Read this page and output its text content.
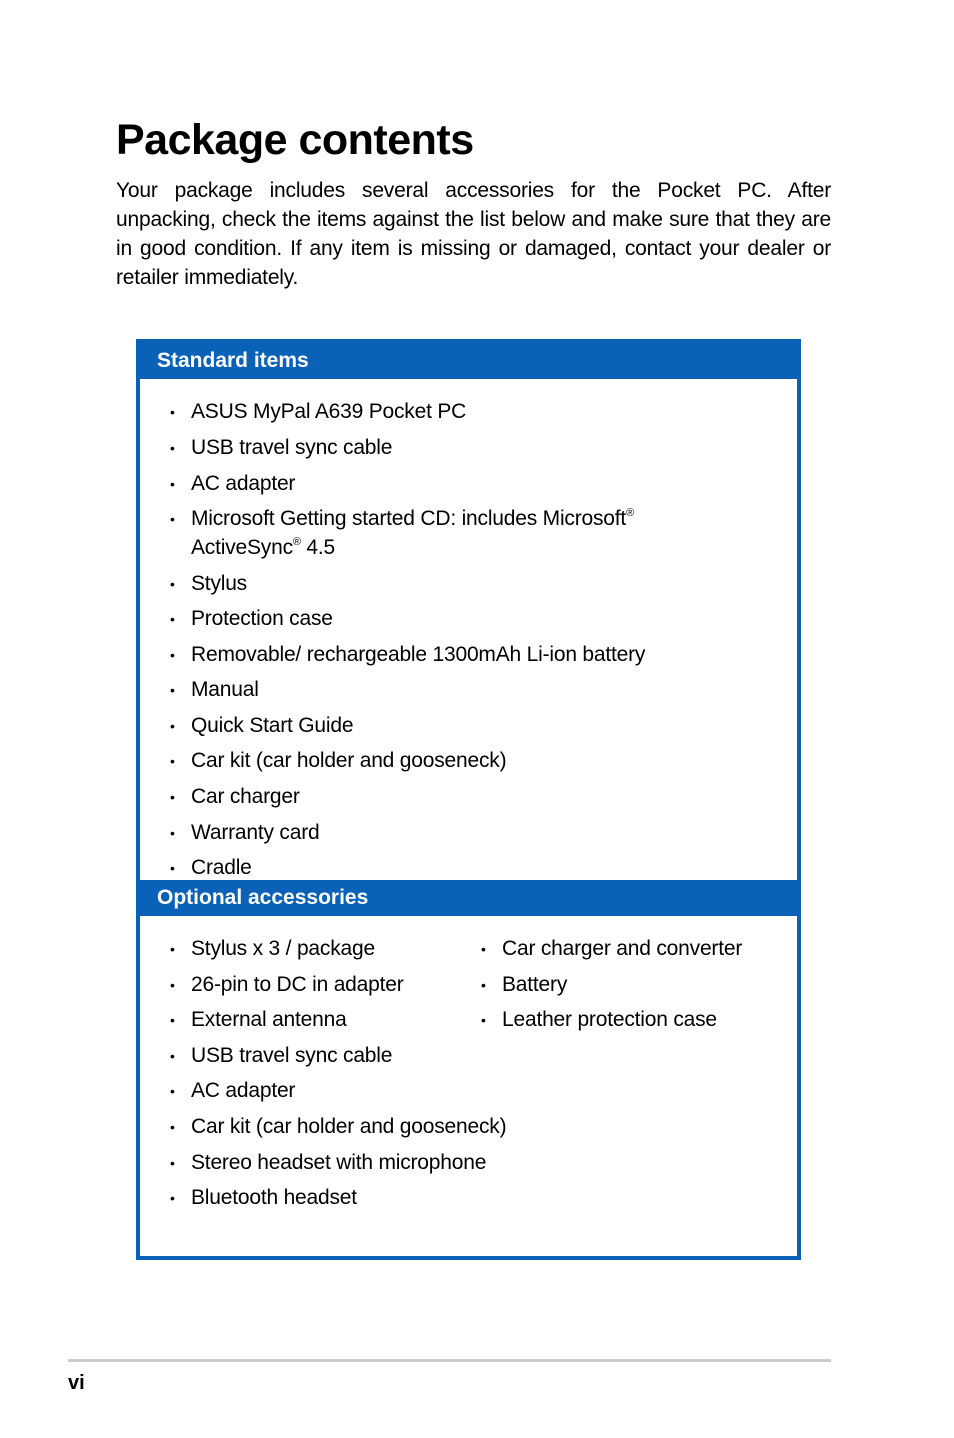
Package contents

Your package includes several accessories for the Pocket PC. After unpacking, check the items against the list below and make sure that they are in good condition. If any item is missing or damaged, contact your dealer or retailer immediately.

Standard items
• ASUS MyPal A639 Pocket PC
• USB travel sync cable
• AC adapter
• Microsoft Getting started CD: includes Microsoft®
ActiveSync® 4.5
• Stylus
• Protection case
• Removable/ rechargeable 1300mAh Li-ion battery
• Manual
• Quick Start Guide
• Car kit (car holder and gooseneck)
• Car charger
• Warranty card
• Cradle
Optional accessories
• Stylus x 3 / package
• 26-pin to DC in adapter
• External antenna
• USB travel sync cable
• AC adapter
• Car kit (car holder and gooseneck)
• Stereo headset with microphone
• Bluetooth headset
• Car charger and converter
• Battery
• Leather protection case
vi
